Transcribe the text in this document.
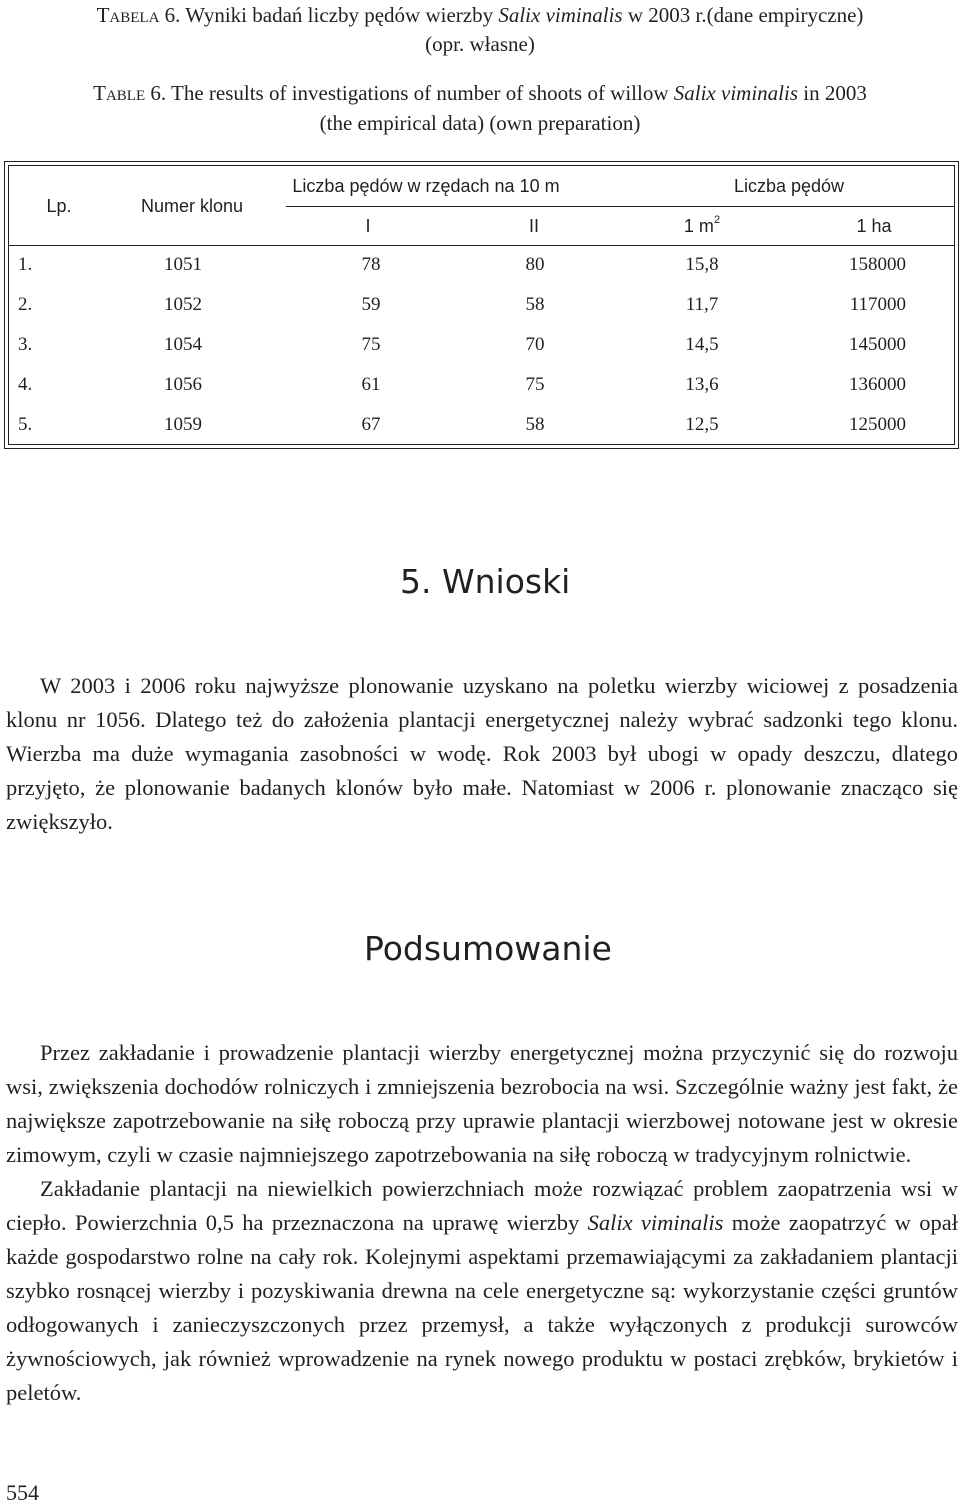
TABELA 6. Wyniki badań liczby pędów wierzby Salix viminalis w 2003 r.(dane empiryczne)
(opr. własne)
TABLE 6. The results of investigations of number of shoots of willow Salix viminalis in 2003
(the empirical data) (own preparation)
Lp.	Numer klonu
Liczba pędów w rzędach na 10 m	Liczba pędów
I	II	1 $m^2$	1 ha
1.	1051	78	80	15,8	158000
2.	1052	59	58	11,7	117000
3.	1054	75	70	14,5	145000
4.	1056	61	75	13,6	136000
5.	1059	67	58	12,5	125000
5. Wnioski

W 2003 i 2006 roku najwyższe plonowanie uzyskano na poletku wierzby wiciowej z posadzenia klonu nr 1056. Dlatego też do założenia plantacji energetycznej należy wybrać sadzonki tego klonu. Wierzba ma duże wymagania zasobności w wodę. Rok 2003 był ubogi w opady deszczu, dlatego przyjęto, że plonowanie badanych klonów było małe. Natomiast w 2006 r. plonowanie znacząco się zwiększyło.

Podsumowanie

Przez zakładanie i prowadzenie plantacji wierzby energetycznej można przyczynić się do rozwoju wsi, zwiększenia dochodów rolniczych i zmniejszenia bezrobocia na wsi. Szczególnie ważny jest fakt, że największe zapotrzebowanie na siłę roboczą przy uprawie plantacji wierzbowej notowane jest w okresie zimowym, czyli w czasie najmniejszego zapotrzebowania na siłę roboczą w tradycyjnym rolnictwie.

Zakładanie plantacji na niewielkich powierzchniach może rozwiązać problem zaopatrzenia wsi w ciepło. Powierzchnia 0,5 ha przeznaczona na uprawę wierzby Salix viminalis może zaopatrzyć w opał każde gospodarstwo rolne na cały rok. Kolejnymi aspektami przemawiającymi za zakładaniem plantacji szybko rosnącej wierzby i pozyskiwania drewna na cele energetyczne są: wykorzystanie części gruntów odłogowanych i zanieczyszczonych przez przemysł, a także wyłączonych z produkcji surowców żywnościowych, jak również wprowadzenie na rynek nowego produktu w postaci zrębków, brykietów i peletów.

554
